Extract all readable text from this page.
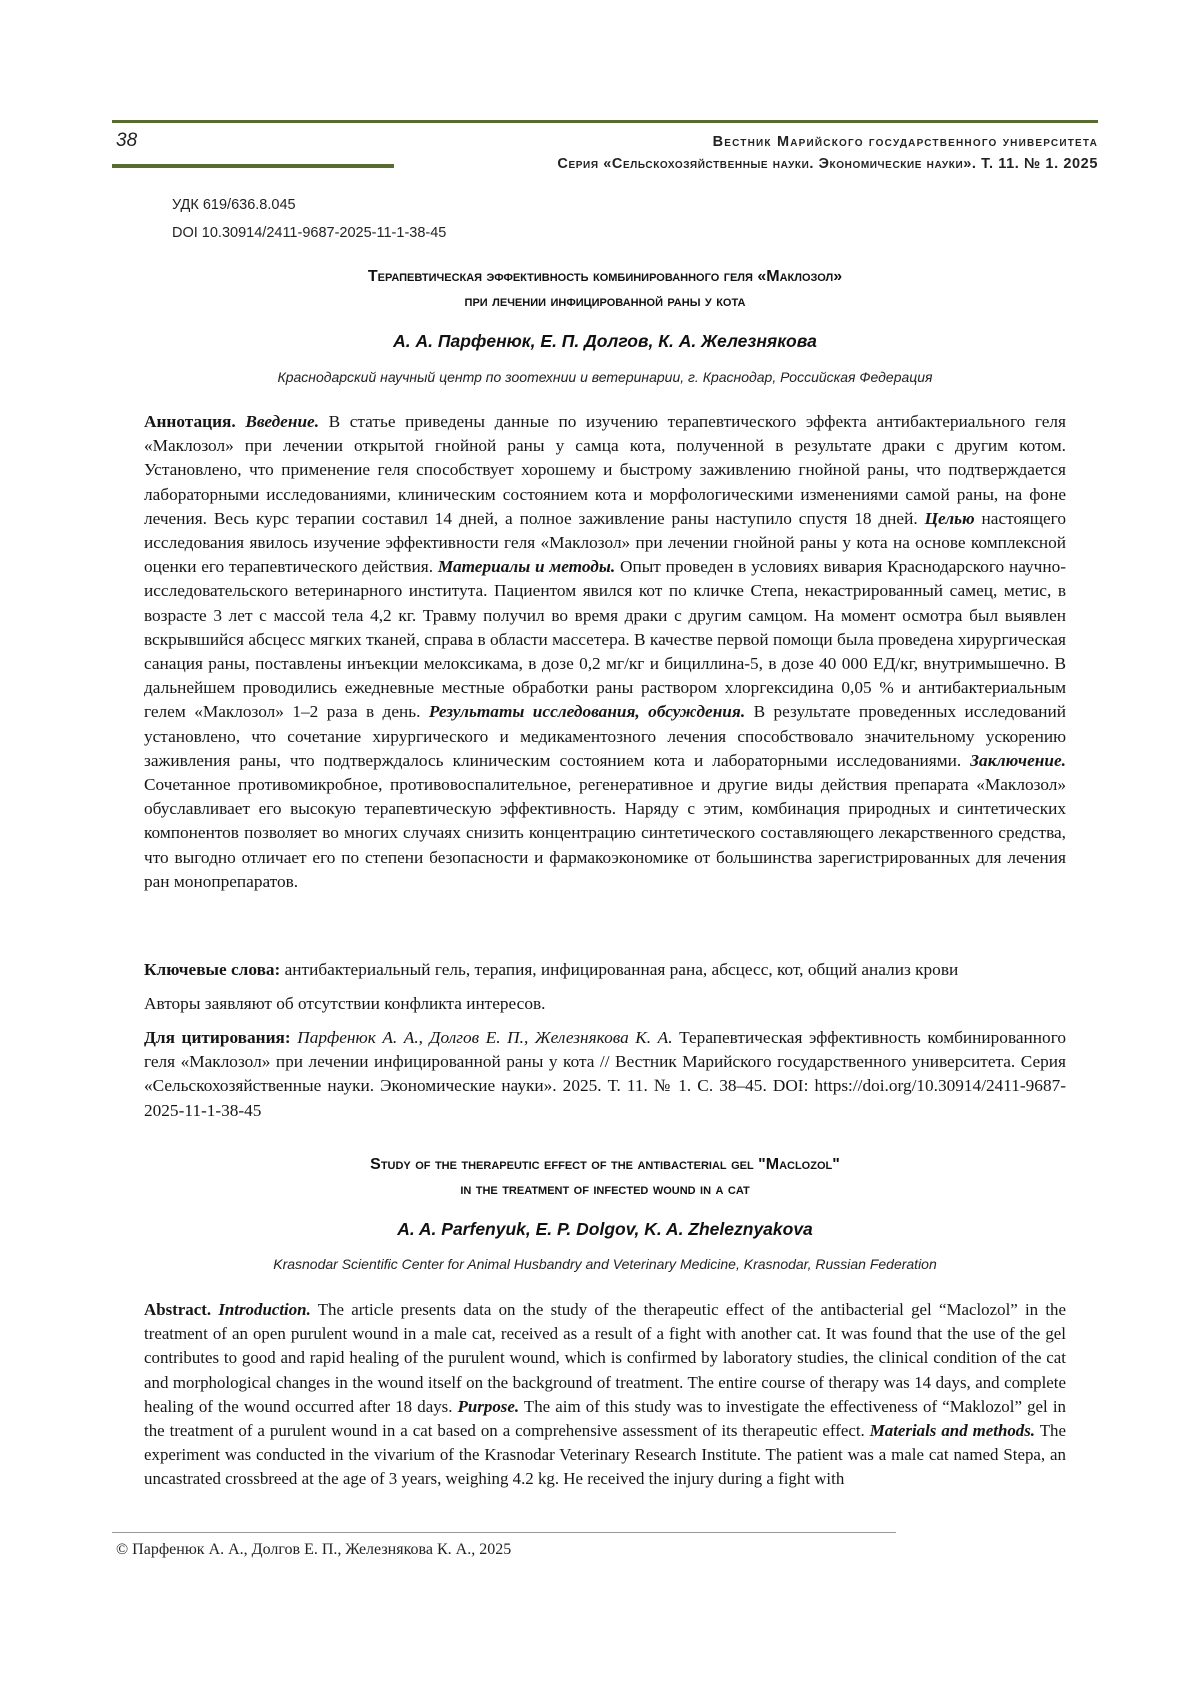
38	Вестник Марийского государственного университета
Серия «Сельскохозяйственные науки. Экономические науки». Т. 11. № 1. 2025
УДК 619/636.8.045
DOI 10.30914/2411-9687-2025-11-1-38-45
Терапевтическая эффективность комбинированного геля «Маклозол»
при лечении инфицированной раны у кота
А. А. Парфенюк, Е. П. Долгов, К. А. Железнякова
Краснодарский научный центр по зоотехнии и ветеринарии, г. Краснодар, Российская Федерация
Аннотация. Введение. В статье приведены данные по изучению терапевтического эффекта антибактериального геля «Маклозол» при лечении открытой гнойной раны у самца кота, полученной в результате драки с другим котом. Установлено, что применение геля способствует хорошему и быстрому заживлению гнойной раны, что подтверждается лабораторными исследованиями, клиническим состоянием кота и морфологическими изменениями самой раны, на фоне лечения. Весь курс терапии составил 14 дней, а полное заживление раны наступило спустя 18 дней. Целью настоящего исследования явилось изучение эффективности геля «Маклозол» при лечении гнойной раны у кота на основе комплексной оценки его терапевтического действия. Материалы и методы. Опыт проведен в условиях вивария Краснодарского научно-исследовательского ветеринарного института. Пациентом явился кот по кличке Степа, некастрированный самец, метис, в возрасте 3 лет с массой тела 4,2 кг. Травму получил во время драки с другим самцом. На момент осмотра был выявлен вскрывшийся абсцесс мягких тканей, справа в области массетера. В качестве первой помощи была проведена хирургическая санация раны, поставлены инъекции мелоксикама, в дозе 0,2 мг/кг и бициллина-5, в дозе 40 000 ЕД/кг, внутримышечно. В дальнейшем проводились ежедневные местные обработки раны раствором хлоргексидина 0,05 % и антибактериальным гелем «Маклозол» 1–2 раза в день. Результаты исследования, обсуждения. В результате проведенных исследований установлено, что сочетание хирургического и медикаментозного лечения способствовало значительному ускорению заживления раны, что подтверждалось клиническим состоянием кота и лабораторными исследованиями. Заключение. Сочетанное противомикробное, противовоспалительное, регенеративное и другие виды действия препарата «Маклозол» обуславливает его высокую терапевтическую эффективность. Наряду с этим, комбинация природных и синтетических компонентов позволяет во многих случаях снизить концентрацию синтетического составляющего лекарственного средства, что выгодно отличает его по степени безопасности и фармакоэкономике от большинства зарегистрированных для лечения ран монопрепаратов.
Ключевые слова: антибактериальный гель, терапия, инфицированная рана, абсцесс, кот, общий анализ крови
Авторы заявляют об отсутствии конфликта интересов.
Для цитирования: Парфенюк А. А., Долгов Е. П., Железнякова К. А. Терапевтическая эффективность комбинированного геля «Маклозол» при лечении инфицированной раны у кота // Вестник Марийского государственного университета. Серия «Сельскохозяйственные науки. Экономические науки». 2025. Т. 11. № 1. С. 38–45. DOI: https://doi.org/10.30914/2411-9687-2025-11-1-38-45
Study of the therapeutic effect of the antibacterial gel "Maclozol"
in the treatment of infected wound in a cat
A. A. Parfenyuk, E. P. Dolgov, K. A. Zheleznyakova
Krasnodar Scientific Center for Animal Husbandry and Veterinary Medicine, Krasnodar, Russian Federation
Abstract. Introduction. The article presents data on the study of the therapeutic effect of the antibacterial gel “Maclozol” in the treatment of an open purulent wound in a male cat, received as a result of a fight with another cat. It was found that the use of the gel contributes to good and rapid healing of the purulent wound, which is confirmed by laboratory studies, the clinical condition of the cat and morphological changes in the wound itself on the background of treatment. The entire course of therapy was 14 days, and complete healing of the wound occurred after 18 days. Purpose. The aim of this study was to investigate the effectiveness of “Maklozol” gel in the treatment of a purulent wound in a cat based on a comprehensive assessment of its therapeutic effect. Materials and methods. The experiment was conducted in the vivarium of the Krasnodar Veterinary Research Institute. The patient was a male cat named Stepa, an uncastrated crossbreed at the age of 3 years, weighing 4.2 kg. He received the injury during a fight with
© Парфенюк А. А., Долгов Е. П., Железнякова К. А., 2025
